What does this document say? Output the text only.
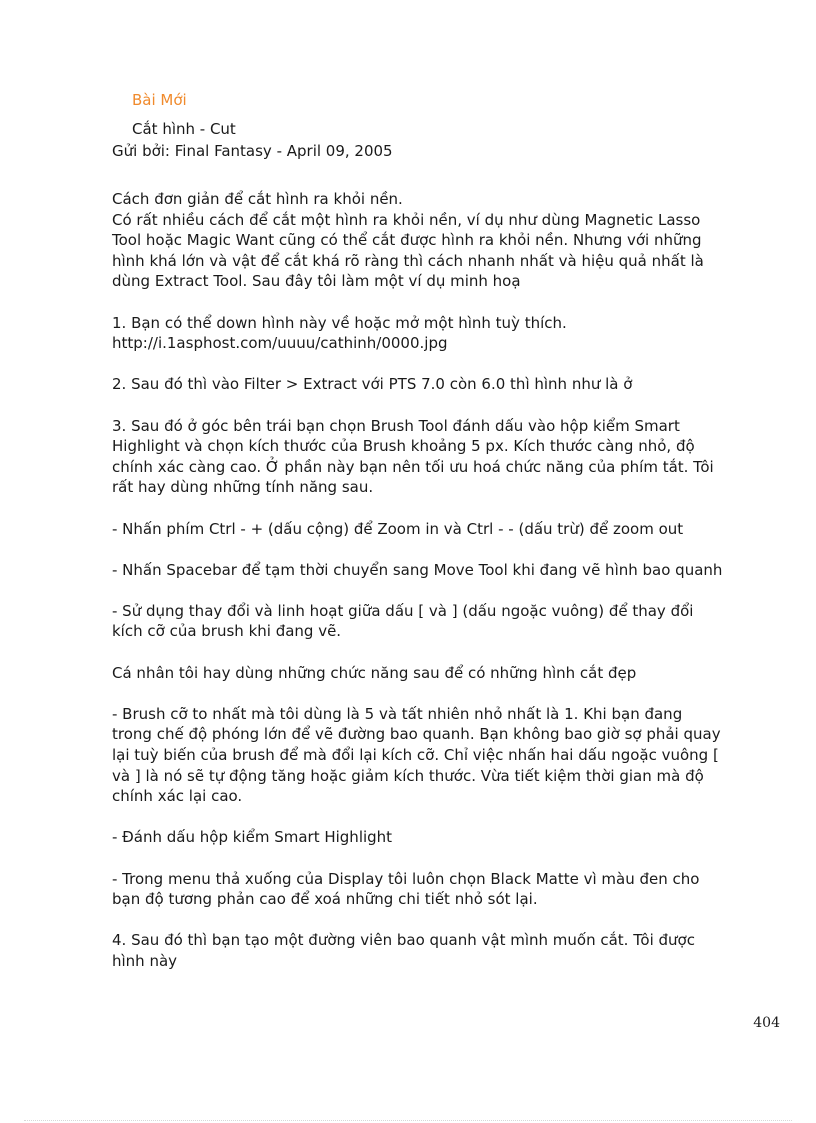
Bài Mới
Cắt hình - Cut
Gửi bởi: Final Fantasy - April 09, 2005

Cách đơn giản để cắt hình ra khỏi nền.
Có rất nhiều cách để cắt một hình ra khỏi nền, ví dụ như dùng Magnetic Lasso
Tool hoặc Magic Want cũng có thể cắt được hình ra khỏi nền. Nhưng với những
hình khá lớn và vật để cắt khá rõ ràng thì cách nhanh nhất và hiệu quả nhất là
dùng Extract Tool. Sau đây tôi làm một ví dụ minh hoạ

1. Bạn có thể down hình này về hoặc mở một hình tuỳ thích.
http://i.1asphost.com/uuuu/cathinh/0000.jpg

2. Sau đó thì vào Filter > Extract với PTS 7.0 còn 6.0 thì hình như là ở

3. Sau đó ở góc bên trái bạn chọn Brush Tool đánh dấu vào hộp kiểm Smart
Highlight và chọn kích thước của Brush khoảng 5 px. Kích thước càng nhỏ, độ
chính xác càng cao. Ở phần này bạn nên tối ưu hoá chức năng của phím tắt. Tôi
rất hay dùng những tính năng sau.

- Nhấn phím Ctrl - + (dấu cộng) để Zoom in và Ctrl - - (dấu trừ) để zoom out

- Nhấn Spacebar để tạm thời chuyển sang Move Tool khi đang vẽ hình bao quanh

- Sử dụng thay đổi và linh hoạt giữa dấu [ và ] (dấu ngoặc vuông) để thay đổi
kích cỡ của brush khi đang vẽ.

Cá nhân tôi hay dùng những chức năng sau để có những hình cắt đẹp

- Brush cỡ to nhất mà tôi dùng là 5 và tất nhiên nhỏ nhất là 1. Khi bạn đang
trong chế độ phóng lớn để vẽ đường bao quanh. Bạn không bao giờ sợ phải quay
lại tuỳ biến của brush để mà đổi lại kích cỡ. Chỉ việc nhấn hai dấu ngoặc vuông [
và ] là nó sẽ tự động tăng hoặc giảm kích thước. Vừa tiết kiệm thời gian mà độ
chính xác lại cao.

- Đánh dấu hộp kiểm Smart Highlight

- Trong menu thả xuống của Display tôi luôn chọn Black Matte vì màu đen cho
bạn độ tương phản cao để xoá những chi tiết nhỏ sót lại.

4. Sau đó thì bạn tạo một đường viên bao quanh vật mình muốn cắt. Tôi được
hình này

404
